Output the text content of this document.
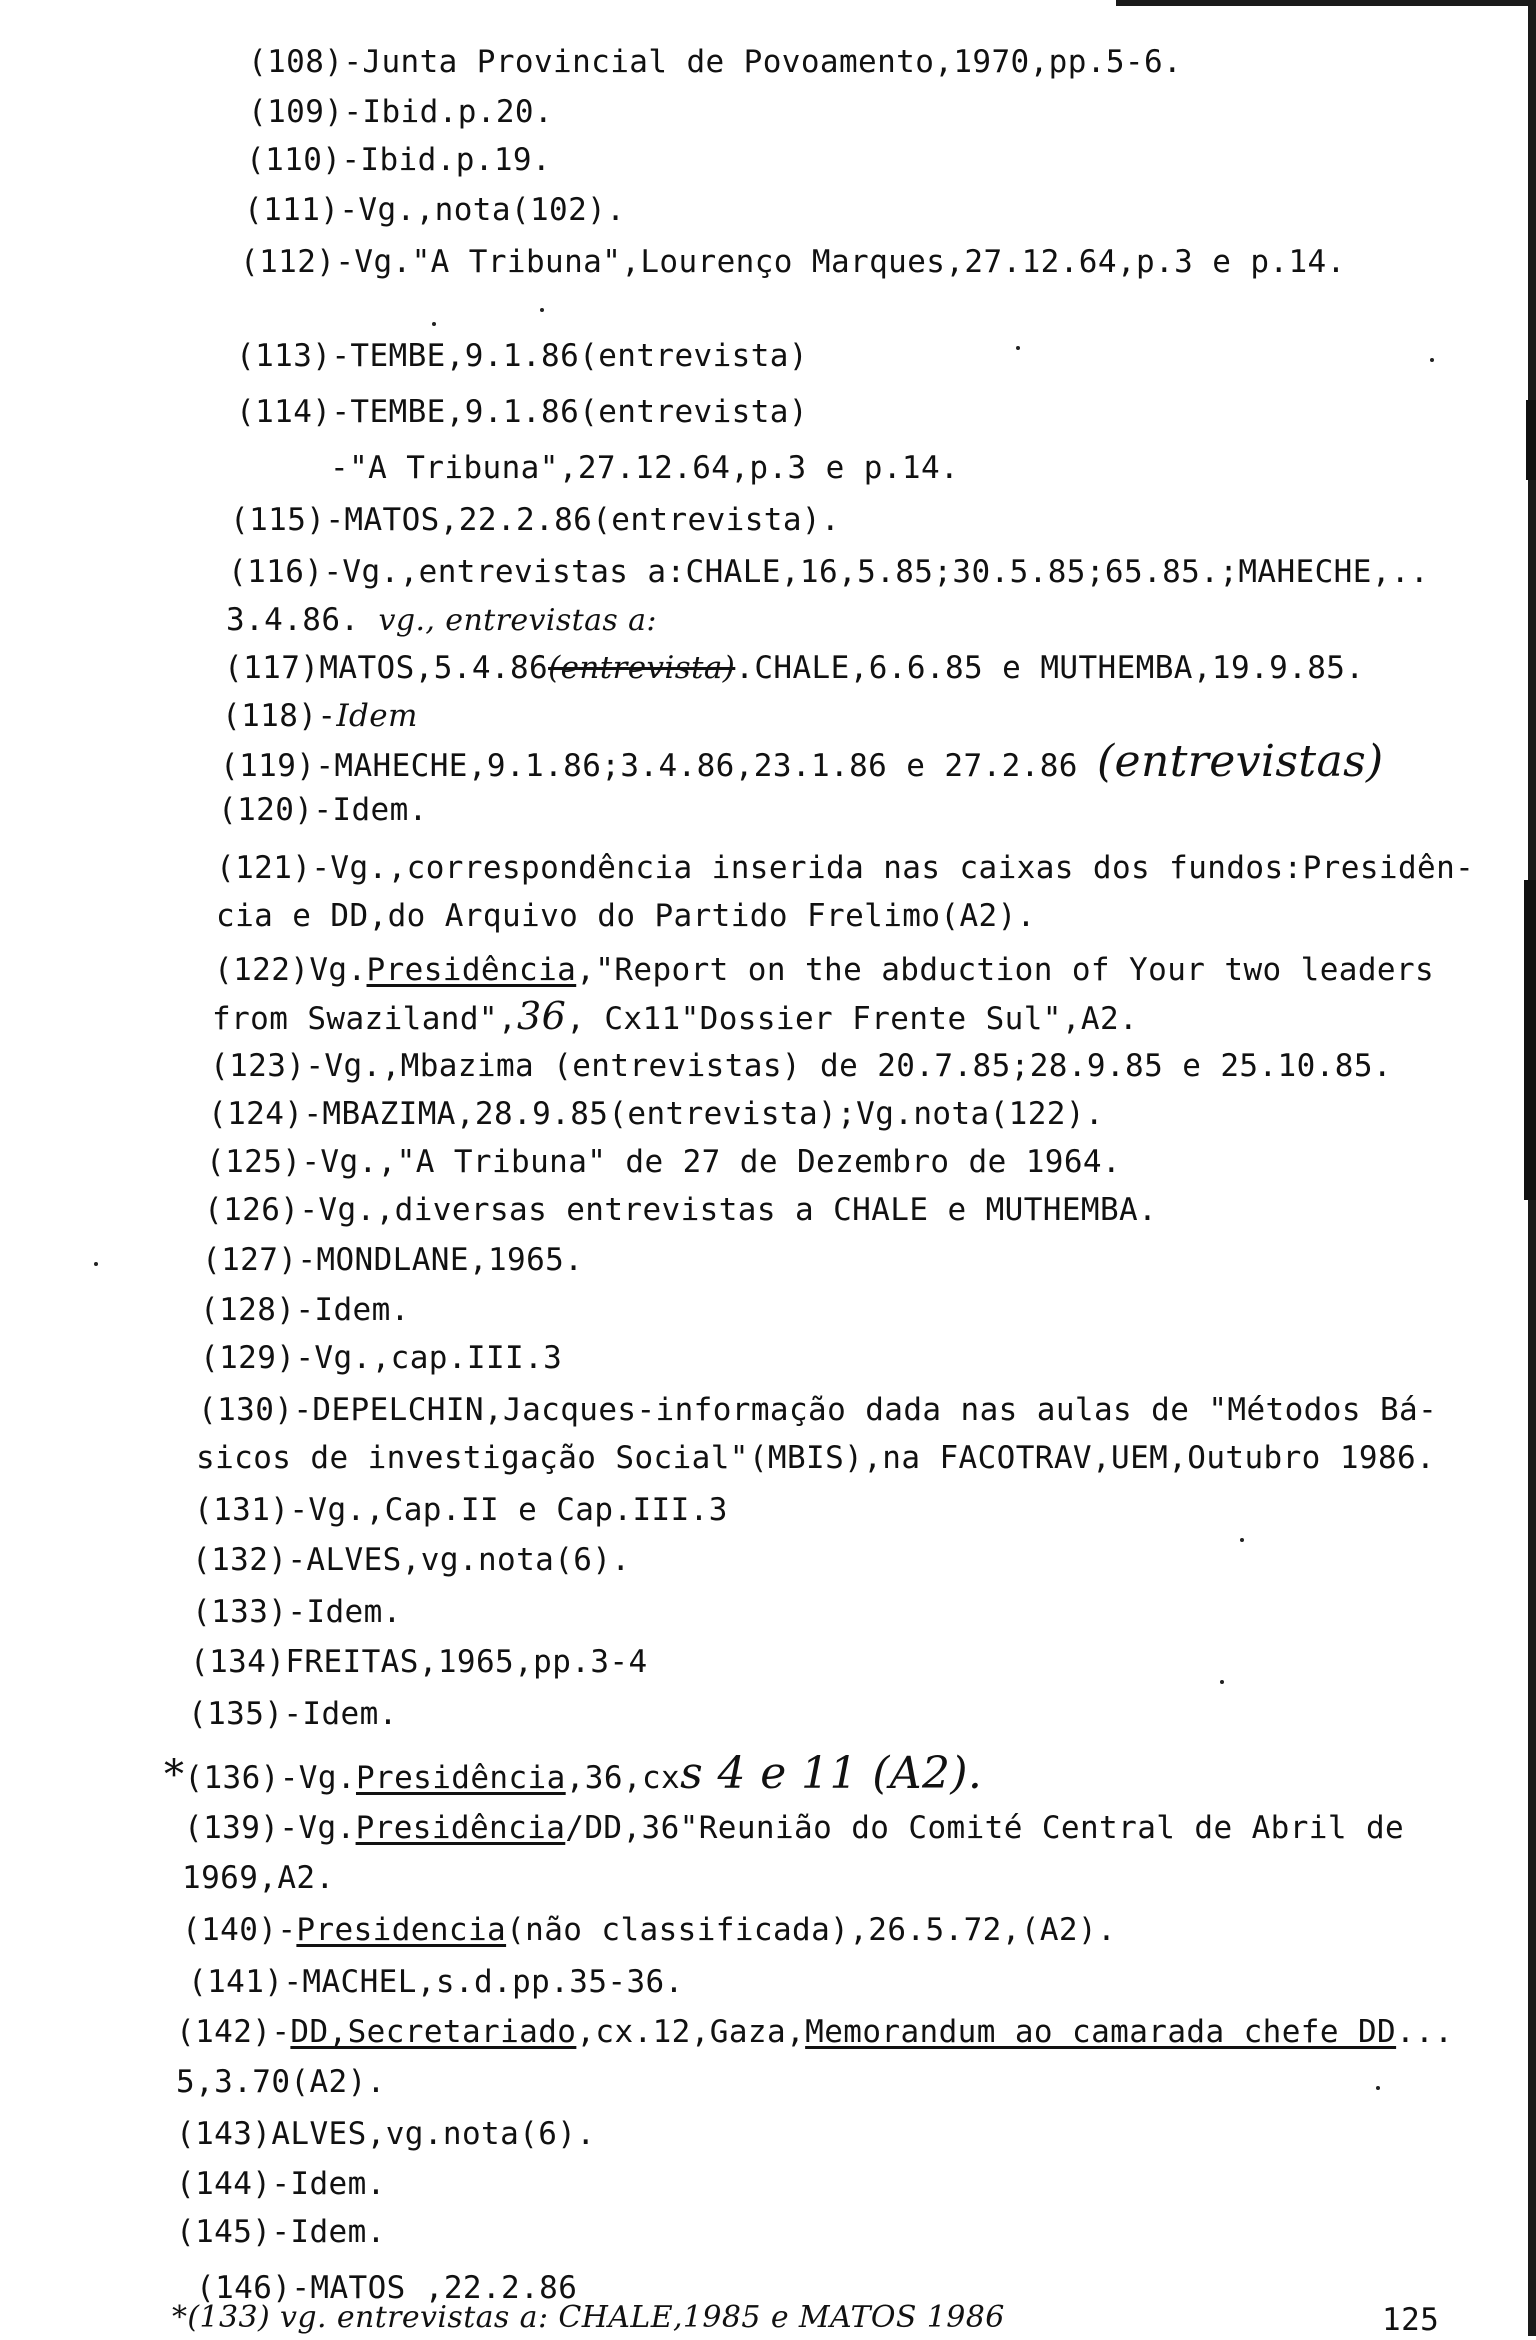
(108)-Junta Provincial de Povoamento,1970,pp.5-6.
(109)-Ibid.p.20.
(110)-Ibid.p.19.
(111)-Vg.,nota(102).
(112)-Vg."A Tribuna",Lourenço Marques,27.12.64,p.3 e p.14.
(113)-TEMBE,9.1.86(entrevista)
(114)-TEMBE,9.1.86(entrevista)
-"A Tribuna",27.12.64,p.3 e p.14.
(115)-MATOS,22.2.86(entrevista).
(116)-Vg.,entrevistas a:CHALE,16,5.85;30.5.85;65.85.;MAHECHE,..
3.4.86. vg., entrevistas a:
(117)MATOS,5.4.86(entrevista).CHALE,6.6.85 e MUTHEMBA,19.9.85.
(118)-Idem
(119)-MAHECHE,9.1.86;3.4.86,23.1.86 e 27.2.86 (entrevistas)
(120)-Idem.
(121)-Vg.,correspondência inserida nas caixas dos fundos:Presidên-
cia e DD,do Arquivo do Partido Frelimo(A2).
(122)Vg.Presidência,"Report on the abduction of Your two leaders
from Swaziland",36, Cx11"Dossier Frente Sul",A2.
(123)-Vg.,Mbazima (entrevistas) de 20.7.85;28.9.85 e 25.10.85.
(124)-MBAZIMA,28.9.85(entrevista);Vg.nota(122).
(125)-Vg.,"A Tribuna" de 27 de Dezembro de 1964.
(126)-Vg.,diversas entrevistas a CHALE e MUTHEMBA.
(127)-MONDLANE,1965.
(128)-Idem.
(129)-Vg.,cap.III.3
(130)-DEPELCHIN,Jacques-informação dada nas aulas de "Métodos Bá-
sicos de investigação Social"(MBIS),na FACOTRAV,UEM,Outubro 1986.
(131)-Vg.,Cap.II e Cap.III.3
(132)-ALVES,vg.nota(6).
(133)-Idem.
(134)FREITAS,1965,pp.3-4
(135)-Idem.
*(136)-Vg.Presidência,36,cxs 4 e 11 (A2).
(139)-Vg.Presidência/DD,36"Reunião do Comité Central de Abril de
1969,A2.
(140)-Presidencia(não classificada),26.5.72,(A2).
(141)-MACHEL,s.d.pp.35-36.
(142)-DD,Secretariado,cx.12,Gaza,Memorandum ao camarada chefe DD...
5,3.70(A2).
(143)ALVES,vg.nota(6).
(144)-Idem.
(145)-Idem.
(146)-MATOS ,22.2.86
*(133) vg. entrevistas a: CHALE,1985 e MATOS 1986	125
